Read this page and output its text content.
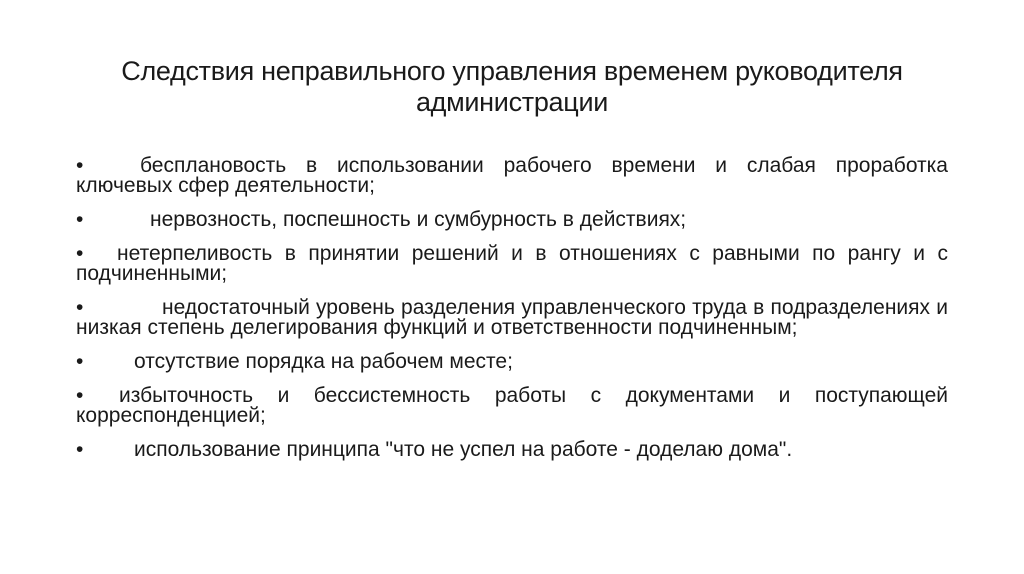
Следствия неправильного управления временем руководителя администрации
•	бесплановость в использовании рабочего времени и слабая проработка ключевых сфер деятельности;
•	нервозность, поспешность и сумбурность в действиях;
• нетерпеливость в принятии решений и в отношениях с равными по рангу и с подчиненными;
•	недостаточный уровень разделения управленческого труда в подразделениях и низкая степень делегирования функций и ответственности подчиненным;
• отсутствие порядка на рабочем месте;
• избыточность и бессистемность работы с документами и поступающей корреспонденцией;
• использование принципа "что не успел на работе - доделаю дома".
